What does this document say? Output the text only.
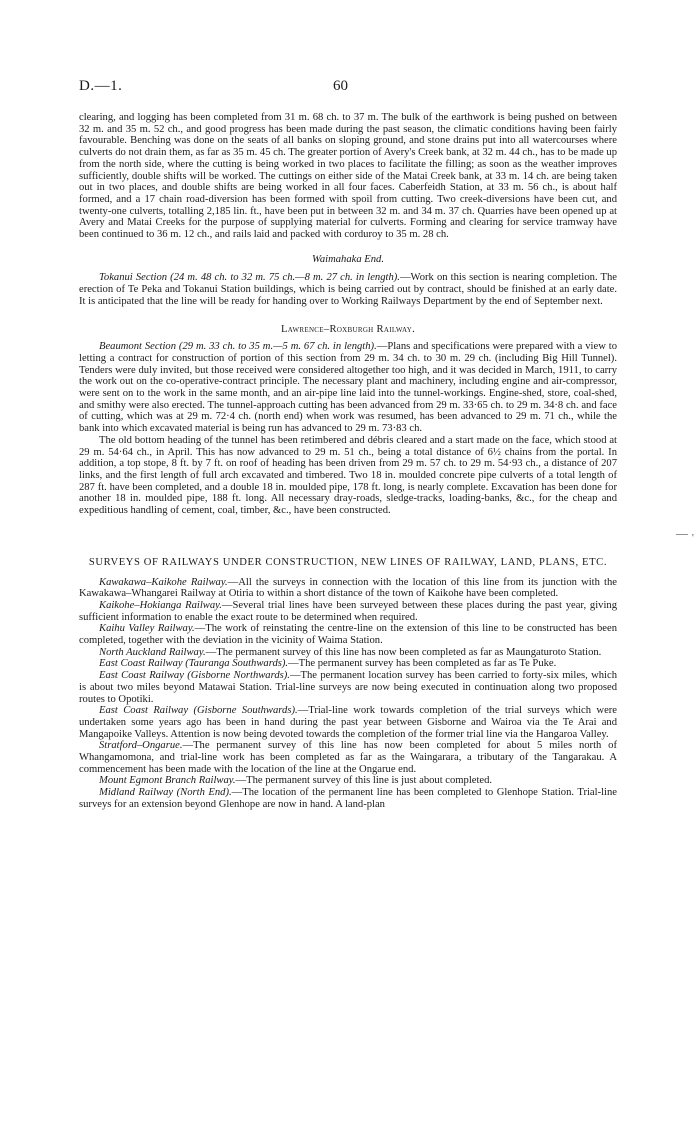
D.—1.	60

clearing, and logging has been completed from 31 m. 68 ch. to 37 m. The bulk of the earthwork is being pushed on between 32 m. and 35 m. 52 ch., and good progress has been made during the past season, the climatic conditions having been fairly favourable. Benching was done on the seats of all banks on sloping ground, and stone drains put into all watercourses where culverts do not drain them, as far as 35 m. 45 ch. The greater portion of Avery's Creek bank, at 32 m. 44 ch., has to be made up from the north side, where the cutting is being worked in two places to facilitate the filling; as soon as the weather improves sufficiently, double shifts will be worked. The cuttings on either side of the Matai Creek bank, at 33 m. 14 ch. are being taken out in two places, and double shifts are being worked in all four faces. Caberfeidh Station, at 33 m. 56 ch., is about half formed, and a 17 chain road-diversion has been formed with spoil from cutting. Two creek-diversions have been cut, and twenty-one culverts, totalling 2,185 lin. ft., have been put in between 32 m. and 34 m. 37 ch. Quarries have been opened up at Avery and Matai Creeks for the purpose of supplying material for culverts. Forming and clearing for service tramway have been continued to 36 m. 12 ch., and rails laid and packed with corduroy to 35 m. 28 ch.

Waimahaka End.

Tokanui Section (24 m. 48 ch. to 32 m. 75 ch.—8 m. 27 ch. in length).—Work on this section is nearing completion. The erection of Te Peka and Tokanui Station buildings, which is being carried out by contract, should be finished at an early date. It is anticipated that the line will be ready for handing over to Working Railways Department by the end of September next.

Lawrence–Roxburgh Railway.

Beaumont Section (29 m. 33 ch. to 35 m.—5 m. 67 ch. in length).—Plans and specifications were prepared with a view to letting a contract for construction of portion of this section from 29 m. 34 ch. to 30 m. 29 ch. (including Big Hill Tunnel). Tenders were duly invited, but those received were considered altogether too high, and it was decided in March, 1911, to carry the work out on the co-operative-contract principle. The necessary plant and machinery, including engine and air-compressor, were sent on to the work in the same month, and an air-pipe line laid into the tunnel-workings. Engine-shed, store, coal-shed, and smithy were also erected. The tunnel-approach cutting has been advanced from 29 m. 33·65 ch. to 29 m. 34·8 ch. and face of cutting, which was at 29 m. 72·4 ch. (north end) when work was resumed, has been advanced to 29 m. 71 ch., while the bank into which excavated material is being run has advanced to 29 m. 73·83 ch.

The old bottom heading of the tunnel has been retimbered and débris cleared and a start made on the face, which stood at 29 m. 54·64 ch., in April. This has now advanced to 29 m. 51 ch., being a total distance of 6½ chains from the portal. In addition, a top stope, 8 ft. by 7 ft. on roof of heading has been driven from 29 m. 57 ch. to 29 m. 54·93 ch., a distance of 207 links, and the first length of full arch excavated and timbered. Two 18 in. moulded concrete pipe culverts of a total length of 287 ft. have been completed, and a double 18 in. moulded pipe, 178 ft. long, is nearly complete. Excavation has been done for another 18 in. moulded pipe, 188 ft. long. All necessary dray-roads, sledge-tracks, loading-banks, &c., for the cheap and expeditious handling of cement, coal, timber, &c., have been constructed.

SURVEYS OF RAILWAYS UNDER CONSTRUCTION, NEW LINES OF RAILWAY, LAND, PLANS, ETC.

Kawakawa–Kaikohe Railway.—All the surveys in connection with the location of this line from its junction with the Kawakawa–Whangarei Railway at Otiria to within a short distance of the town of Kaikohe have been completed.

Kaikohe–Hokianga Railway.—Several trial lines have been surveyed between these places during the past year, giving sufficient information to enable the exact route to be determined when required.

Kaihu Valley Railway.—The work of reinstating the centre-line on the extension of this line to be constructed has been completed, together with the deviation in the vicinity of Waima Station.

North Auckland Railway.—The permanent survey of this line has now been completed as far as Maungaturoto Station.

East Coast Railway (Tauranga Southwards).—The permanent survey has been completed as far as Te Puke.

East Coast Railway (Gisborne Northwards).—The permanent location survey has been carried to forty-six miles, which is about two miles beyond Matawai Station. Trial-line surveys are now being executed in continuation along two proposed routes to Opotiki.

East Coast Railway (Gisborne Southwards).—Trial-line work towards completion of the trial surveys which were undertaken some years ago has been in hand during the past year between Gisborne and Wairoa via the Te Arai and Mangapoike Valleys. Attention is now being devoted towards the completion of the former trial line via the Hangaroa Valley.

Stratford–Ongarue.—The permanent survey of this line has now been completed for about 5 miles north of Whangamomona, and trial-line work has been completed as far as the Waingarara, a tributary of the Tangarakau. A commencement has been made with the location of the line at the Ongarue end.

Mount Egmont Branch Railway.—The permanent survey of this line is just about completed.

Midland Railway (North End).—The location of the permanent line has been completed to Glenhope Station. Trial-line surveys for an extension beyond Glenhope are now in hand. A land-plan

— '
